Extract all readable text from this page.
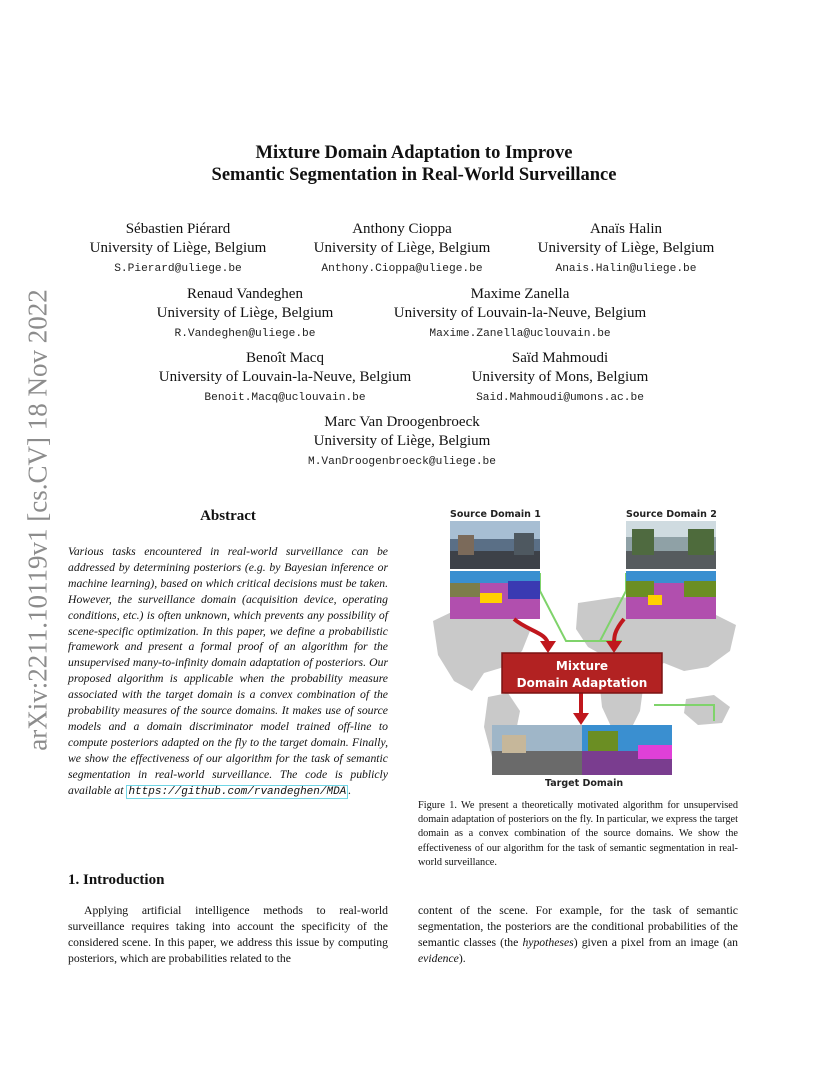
arXiv:2211.10119v1 [cs.CV] 18 Nov 2022
Mixture Domain Adaptation to Improve
Semantic Segmentation in Real-World Surveillance
Sébastien Piérard
University of Liège, Belgium
S.Pierard@uliege.be
Anthony Cioppa
University of Liège, Belgium
Anthony.Cioppa@uliege.be
Anaïs Halin
University of Liège, Belgium
Anais.Halin@uliege.be
Renaud Vandeghen
University of Liège, Belgium
R.Vandeghen@uliege.be
Maxime Zanella
University of Louvain-la-Neuve, Belgium
Maxime.Zanella@uclouvain.be
Benoît Macq
University of Louvain-la-Neuve, Belgium
Benoit.Macq@uclouvain.be
Saïd Mahmoudi
University of Mons, Belgium
Said.Mahmoudi@umons.ac.be
Marc Van Droogenbroeck
University of Liège, Belgium
M.VanDroogenbroeck@uliege.be
Abstract
Various tasks encountered in real-world surveillance can be addressed by determining posteriors (e.g. by Bayesian inference or machine learning), based on which critical decisions must be taken. However, the surveillance domain (acquisition device, operating conditions, etc.) is often unknown, which prevents any possibility of scene-specific optimization. In this paper, we define a probabilistic framework and present a formal proof of an algorithm for the unsupervised many-to-infinity domain adaptation of posteriors. Our proposed algorithm is applicable when the probability measure associated with the target domain is a convex combination of the probability measures of the source domains. It makes use of source models and a domain discriminator model trained off-line to compute posteriors adapted on the fly to the target domain. Finally, we show the effectiveness of our algorithm for the task of semantic segmentation in real-world surveillance. The code is publicly available at https://github.com/rvandeghen/MDA .
Source Domain 1	Source Domain 2
Mixture
Domain Adaptation
Target Domain
Figure 1. We present a theoretically motivated algorithm for unsupervised domain adaptation of posteriors on the fly. In particular, we express the target domain as a convex combination of the source domains. We show the effectiveness of our algorithm for the task of semantic segmentation in real-world surveillance.
1. Introduction
Applying artificial intelligence methods to real-world surveillance requires taking into account the specificity of the considered scene. In this paper, we address this issue by computing posteriors, which are probabilities related to the
content of the scene. For example, for the task of semantic segmentation, the posteriors are the conditional probabilities of the semantic classes (the hypotheses) given a pixel from an image (an evidence).
